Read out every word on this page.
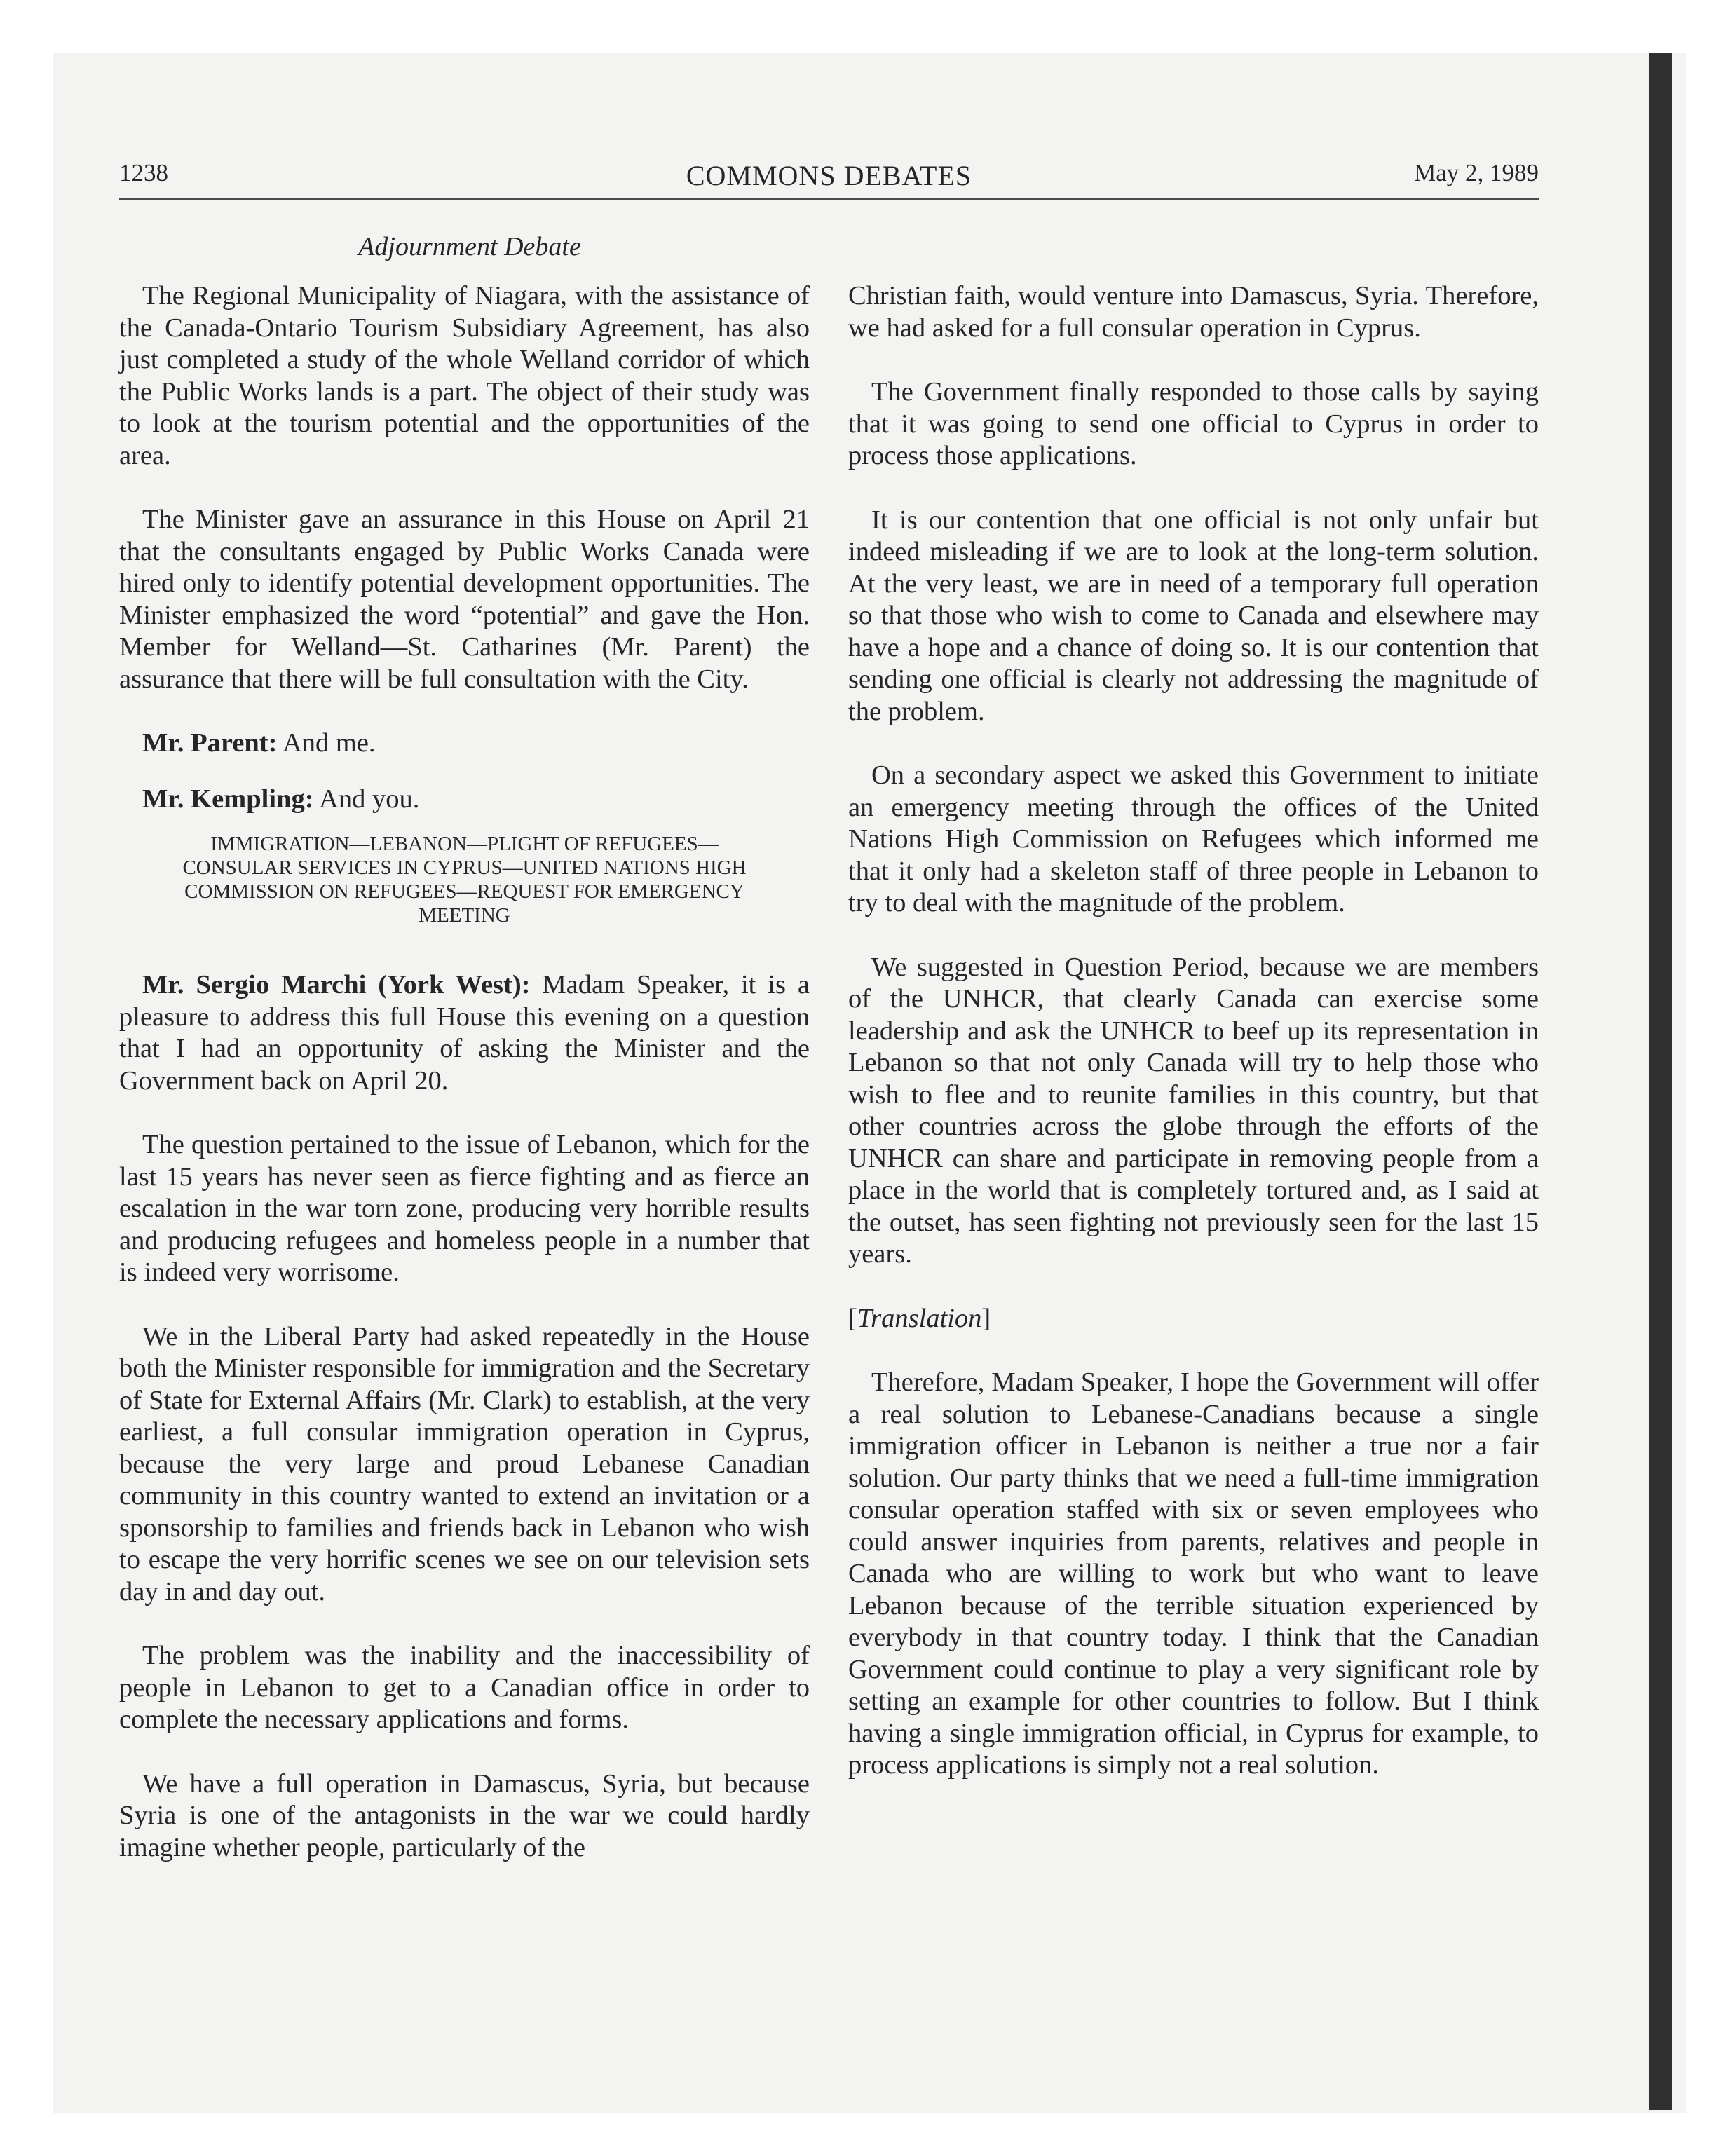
1238	COMMONS DEBATES	May 2, 1989
Adjournment Debate

The Regional Municipality of Niagara, with the assistance of the Canada-Ontario Tourism Subsidiary Agreement, has also just completed a study of the whole Welland corridor of which the Public Works lands is a part. The object of their study was to look at the tourism potential and the opportunities of the area.

The Minister gave an assurance in this House on April 21 that the consultants engaged by Public Works Canada were hired only to identify potential development opportunities. The Minister emphasized the word “potential” and gave the Hon. Member for Welland—St. Catharines (Mr. Parent) the assurance that there will be full consultation with the City.

Mr. Parent: And me.

Mr. Kempling: And you.

IMMIGRATION—LEBANON—PLIGHT OF REFUGEES—CONSULAR SERVICES IN CYPRUS—UNITED NATIONS HIGH COMMISSION ON REFUGEES—REQUEST FOR EMERGENCY MEETING

Mr. Sergio Marchi (York West): Madam Speaker, it is a pleasure to address this full House this evening on a question that I had an opportunity of asking the Minister and the Government back on April 20.

The question pertained to the issue of Lebanon, which for the last 15 years has never seen as fierce fighting and as fierce an escalation in the war torn zone, producing very horrible results and producing refugees and homeless people in a number that is indeed very worrisome.

We in the Liberal Party had asked repeatedly in the House both the Minister responsible for immigration and the Secretary of State for External Affairs (Mr. Clark) to establish, at the very earliest, a full consular immigration operation in Cyprus, because the very large and proud Lebanese Canadian community in this country wanted to extend an invitation or a sponsorship to families and friends back in Lebanon who wish to escape the very horrific scenes we see on our television sets day in and day out.

The problem was the inability and the inaccessibility of people in Lebanon to get to a Canadian office in order to complete the necessary applications and forms.

We have a full operation in Damascus, Syria, but because Syria is one of the antagonists in the war we could hardly imagine whether people, particularly of the

Christian faith, would venture into Damascus, Syria. Therefore, we had asked for a full consular operation in Cyprus.

The Government finally responded to those calls by saying that it was going to send one official to Cyprus in order to process those applications.

It is our contention that one official is not only unfair but indeed misleading if we are to look at the long-term solution. At the very least, we are in need of a temporary full operation so that those who wish to come to Canada and elsewhere may have a hope and a chance of doing so. It is our contention that sending one official is clearly not addressing the magnitude of the problem.

On a secondary aspect we asked this Government to initiate an emergency meeting through the offices of the United Nations High Commission on Refugees which informed me that it only had a skeleton staff of three people in Lebanon to try to deal with the magnitude of the problem.

We suggested in Question Period, because we are members of the UNHCR, that clearly Canada can exercise some leadership and ask the UNHCR to beef up its representation in Lebanon so that not only Canada will try to help those who wish to flee and to reunite families in this country, but that other countries across the globe through the efforts of the UNHCR can share and participate in removing people from a place in the world that is completely tortured and, as I said at the outset, has seen fighting not previously seen for the last 15 years.

[Translation]

Therefore, Madam Speaker, I hope the Government will offer a real solution to Lebanese-Canadians because a single immigration officer in Lebanon is neither a true nor a fair solution. Our party thinks that we need a full-time immigration consular operation staffed with six or seven employees who could answer inquiries from parents, relatives and people in Canada who are willing to work but who want to leave Lebanon because of the terrible situation experienced by everybody in that country today. I think that the Canadian Government could continue to play a very significant role by setting an example for other countries to follow. But I think having a single immigration official, in Cyprus for example, to process applications is simply not a real solution.
